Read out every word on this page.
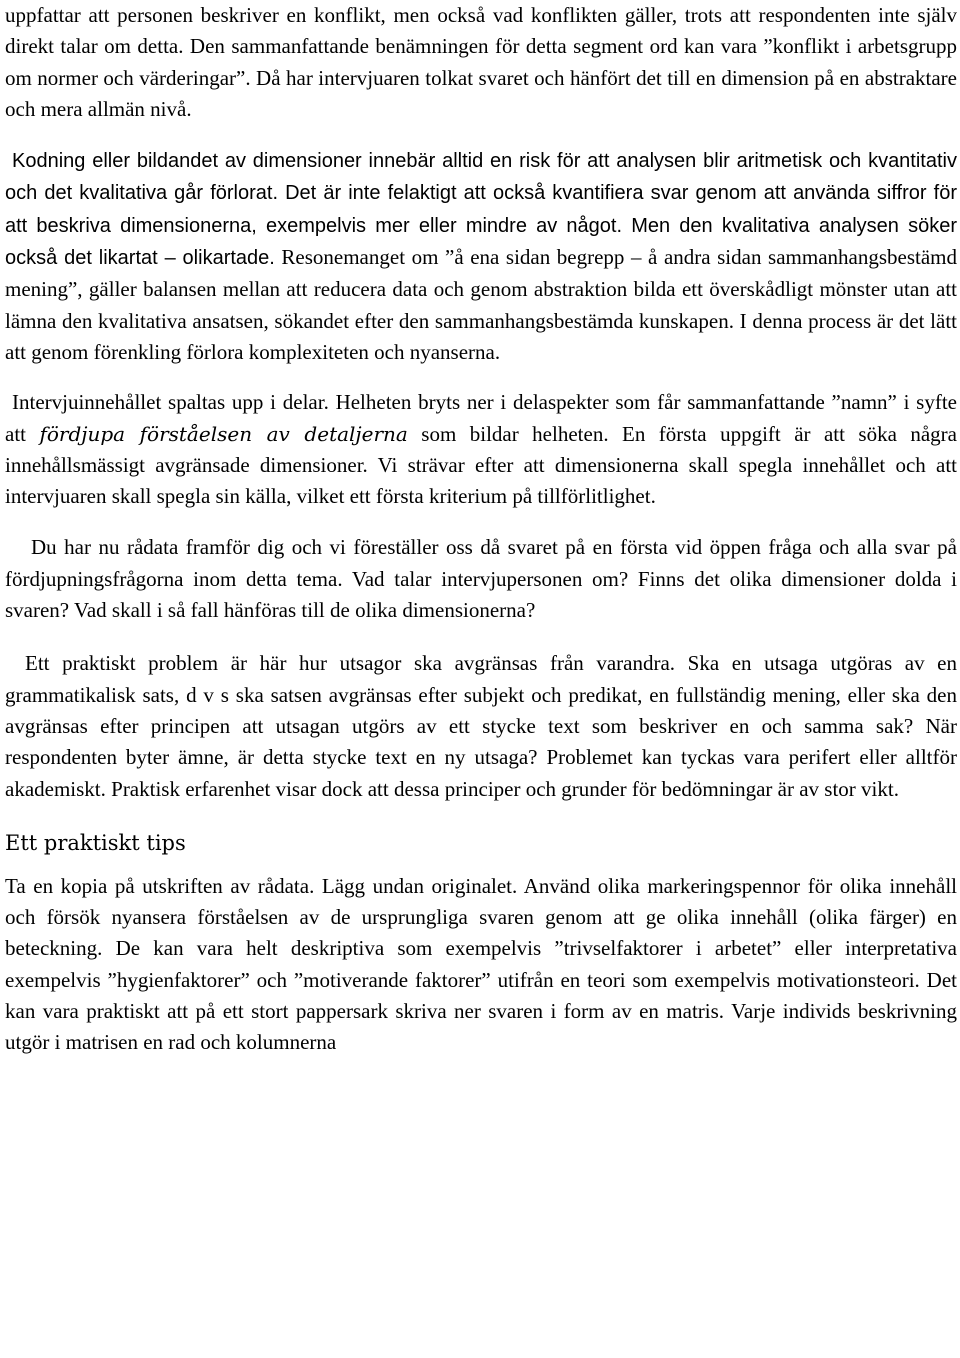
uppfattar att personen beskriver en konflikt, men också vad konflikten gäller, trots att respondenten inte själv direkt talar om detta. Den sammanfattande benämningen för detta segment ord kan vara ”konflikt i arbetsgrupp om normer och värderingar”. Då har intervjuaren tolkat svaret och hänfört det till en dimension på en abstraktare och mera allmän nivå.

Kodning eller bildandet av dimensioner innebär alltid en risk för att analysen blir aritmetisk och kvantitativ och det kvalitativa går förlorat. Det är inte felaktigt att också kvantifiera svar genom att använda siffror för att beskriva dimensionerna, exempelvis mer eller mindre av något. Men den kvalitativa analysen söker också det likartat – olikartade. Resonemanget om ”å ena sidan begrepp – å andra sidan sammanhangsbestämd mening”, gäller balansen mellan att reducera data och genom abstraktion bilda ett överskådligt mönster utan att lämna den kvalitativa ansatsen, sökandet efter den sammanhangsbestämda kunskapen. I denna process är det lätt att genom förenkling förlora komplexiteten och nyanserna.

Intervjuinnehållet spaltas upp i delar. Helheten bryts ner i delaspekter som får sammanfattande ”namn” i syfte att fördjupa förståelsen av detaljerna som bildar helheten. En första uppgift är att söka några innehållsmässigt avgränsade dimensioner. Vi strävar efter att dimensionerna skall spegla innehållet och att intervjuaren skall spegla sin källa, vilket ett första kriterium på tillförlitlighet.

Du har nu rådata framför dig och vi föreställer oss då svaret på en första vid öppen fråga och alla svar på fördjupningsfrågorna inom detta tema. Vad talar intervjupersonen om? Finns det olika dimensioner dolda i svaren? Vad skall i så fall hänföras till de olika dimensionerna?

Ett praktiskt problem är här hur utsagor ska avgränsas från varandra. Ska en utsaga utgöras av en grammatikalisk sats, d v s ska satsen avgränsas efter subjekt och predikat, en fullständig mening, eller ska den avgränsas efter principen att utsagan utgörs av ett stycke text som beskriver en och samma sak? När respondenten byter ämne, är detta stycke text en ny utsaga? Problemet kan tyckas vara perifert eller alltför akademiskt. Praktisk erfarenhet visar dock att dessa principer och grunder för bedömningar är av stor vikt.

Ett praktiskt tips

Ta en kopia på utskriften av rådata. Lägg undan originalet. Använd olika markeringspennor för olika innehåll och försök nyansera förståelsen av de ursprungliga svaren genom att ge olika innehåll (olika färger) en beteckning. De kan vara helt deskriptiva som exempelvis ”trivselfaktorer i arbetet” eller interpretativa exempelvis ”hygienfaktorer” och ”motiverande faktorer” utifrån en teori som exempelvis motivationsteori. Det kan vara praktiskt att på ett stort pappersark skriva ner svaren i form av en matris. Varje individs beskrivning utgör i matrisen en rad och kolumnerna
